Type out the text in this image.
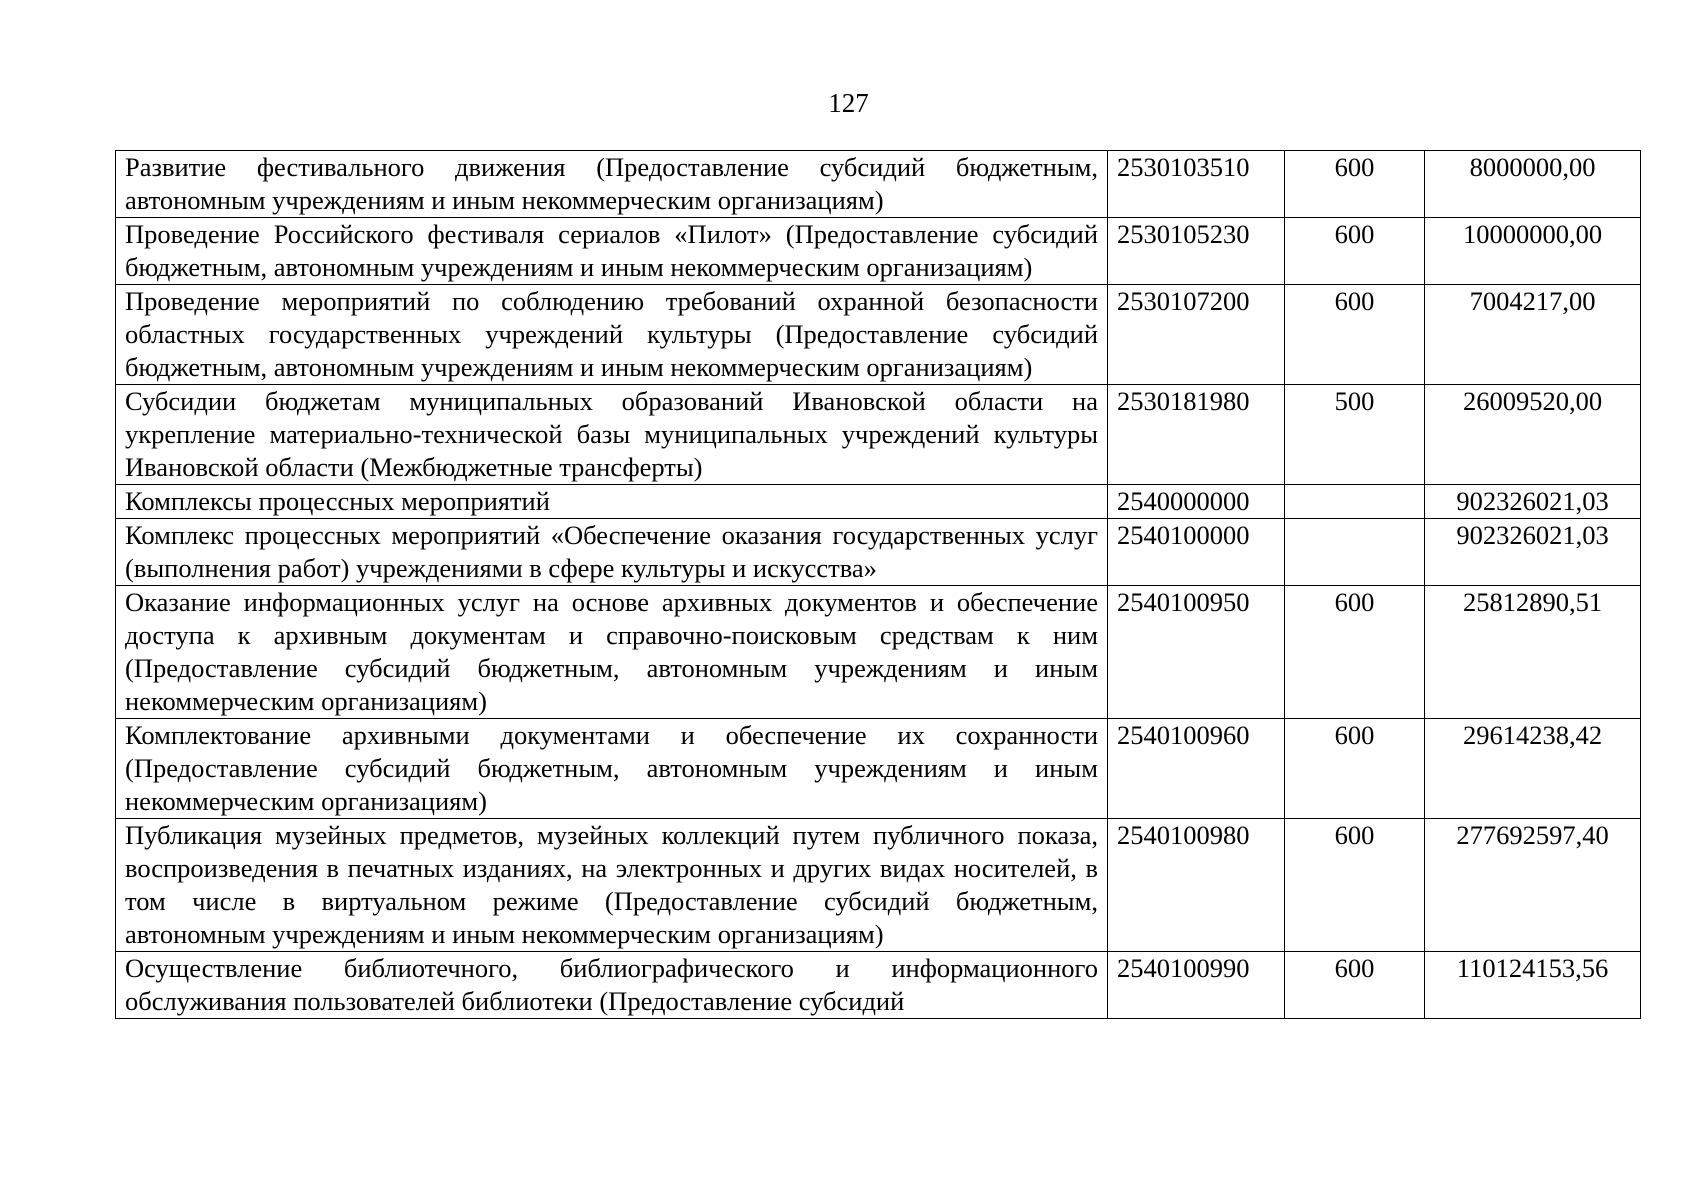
127
Развитие фестивального движения (Предоставление субсидий бюджетным, автономным учреждениям и иным некоммерческим организациям)	2530103510	600	8000000,00
Проведение Российского фестиваля сериалов «Пилот» (Предоставление субсидий бюджетным, автономным учреждениям и иным некоммерческим организациям)	2530105230	600	10000000,00
Проведение мероприятий по соблюдению требований охранной безопасности областных государственных учреждений культуры (Предоставление субсидий бюджетным, автономным учреждениям и иным некоммерческим организациям)	2530107200	600	7004217,00
Субсидии бюджетам муниципальных образований Ивановской области на укрепление материально-технической базы муниципальных учреждений культуры Ивановской области (Межбюджетные трансферты)	2530181980	500	26009520,00
Комплексы процессных мероприятий	2540000000		902326021,03
Комплекс процессных мероприятий «Обеспечение оказания государственных услуг (выполнения работ) учреждениями в сфере культуры и искусства»	2540100000		902326021,03
Оказание информационных услуг на основе архивных документов и обеспечение доступа к архивным документам и справочно-поисковым средствам к ним (Предоставление субсидий бюджетным, автономным учреждениям и иным некоммерческим организациям)	2540100950	600	25812890,51
Комплектование архивными документами и обеспечение их сохранности (Предоставление субсидий бюджетным, автономным учреждениям и иным некоммерческим организациям)	2540100960	600	29614238,42
Публикация музейных предметов, музейных коллекций путем публичного показа, воспроизведения в печатных изданиях, на электронных и других видах носителей, в том числе в виртуальном режиме (Предоставление субсидий бюджетным, автономным учреждениям и иным некоммерческим организациям)	2540100980	600	277692597,40
Осуществление библиотечного, библиографического и информационного обслуживания пользователей библиотеки (Предоставление субсидий	2540100990	600	110124153,56
